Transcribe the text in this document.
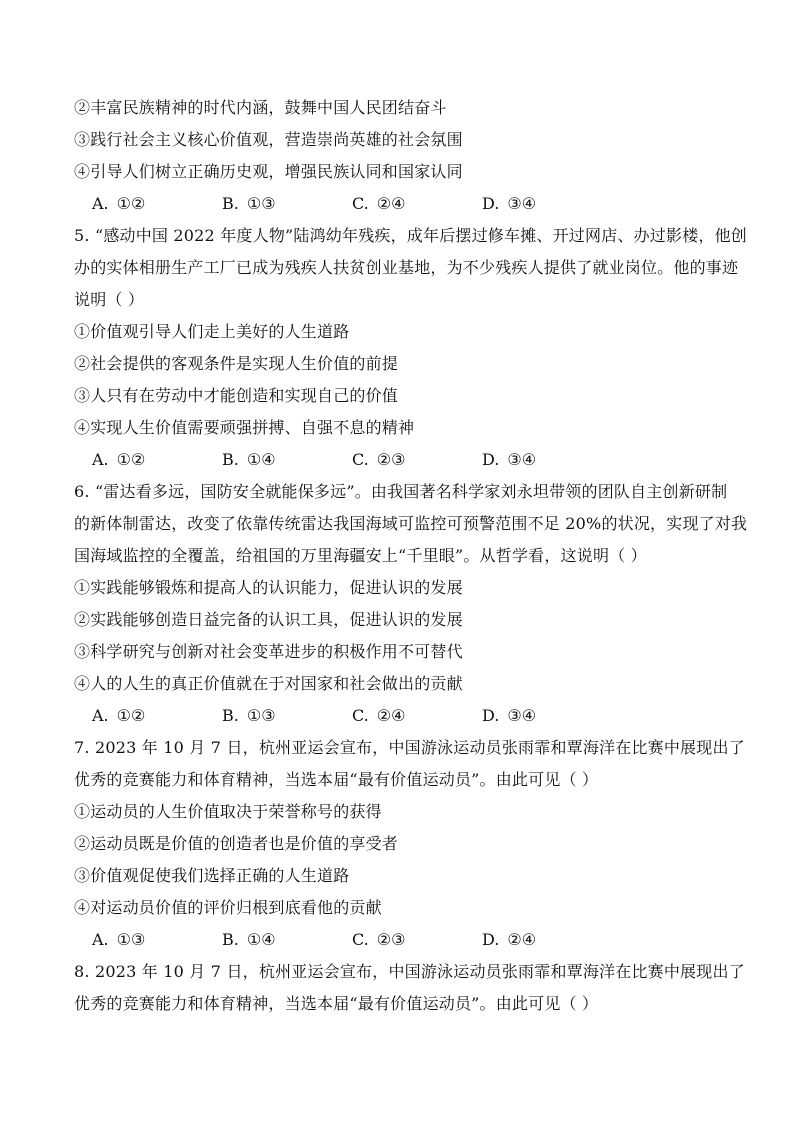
②丰富民族精神的时代内涵，鼓舞中国人民团结奋斗
③践行社会主义核心价值观，营造崇尚英雄的社会氛围
④引导人们树立正确历史观，增强民族认同和国家认同
A. ①②	B. ①③	C. ②④	D. ③④
5. “感动中国 2022 年度人物”陆鸿幼年残疾，成年后摆过修车摊、开过网店、办过影楼，他创
办的实体相册生产工厂已成为残疾人扶贫创业基地，为不少残疾人提供了就业岗位。他的事迹
说明（ ）
①价值观引导人们走上美好的人生道路
②社会提供的客观条件是实现人生价值的前提
③人只有在劳动中才能创造和实现自己的价值
④实现人生价值需要顽强拼搏、自强不息的精神
A. ①②	B. ①④	C. ②③	D. ③④
6. “雷达看多远，国防安全就能保多远”。由我国著名科学家刘永坦带领的团队自主创新研制
的新体制雷达，改变了依靠传统雷达我国海域可监控可预警范围不足 20%的状况，实现了对我
国海域监控的全覆盖，给祖国的万里海疆安上“千里眼”。从哲学看，这说明（ ）
①实践能够锻炼和提高人的认识能力，促进认识的发展
②实践能够创造日益完备的认识工具，促进认识的发展
③科学研究与创新对社会变革进步的积极作用不可替代
④人的人生的真正价值就在于对国家和社会做出的贡献
A. ①②	B. ①③	C. ②④	D. ③④
7. 2023 年 10 月 7 日，杭州亚运会宣布，中国游泳运动员张雨霏和覃海洋在比赛中展现出了
优秀的竞赛能力和体育精神，当选本届“最有价值运动员”。由此可见（ ）
①运动员的人生价值取决于荣誉称号的获得
②运动员既是价值的创造者也是价值的享受者
③价值观促使我们选择正确的人生道路
④对运动员价值的评价归根到底看他的贡献
A. ①③	B. ①④	C. ②③	D. ②④
8. 2023 年 10 月 7 日，杭州亚运会宣布，中国游泳运动员张雨霏和覃海洋在比赛中展现出了
优秀的竞赛能力和体育精神，当选本届“最有价值运动员”。由此可见（ ）
